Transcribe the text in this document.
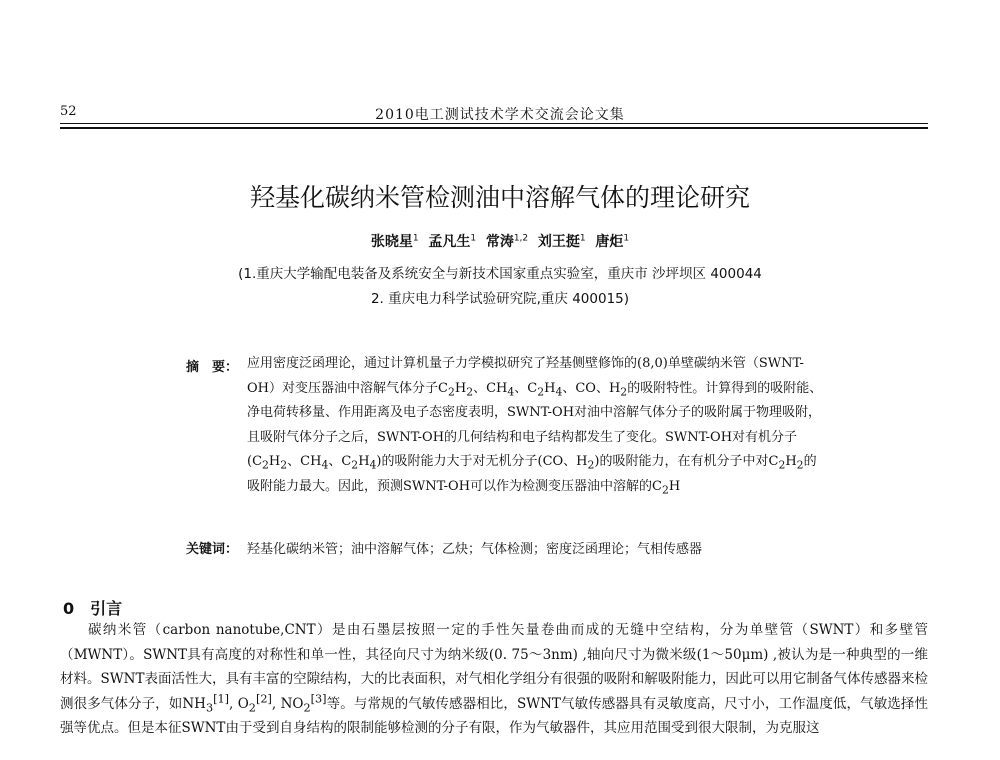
52	2010电工测试技术学术交流会论文集
羟基化碳纳米管检测油中溶解气体的理论研究
张晓星$^1$ 孟凡生$^1$ 常涛$^{1,2}$ 刘王挺$^1$ 唐炬$^1$
(1.重庆大学输配电装备及系统安全与新技术国家重点实验室，重庆市 沙坪坝区 400044
2. 重庆电力科学试验研究院,重庆 400015)
摘　要： 应用密度泛函理论，通过计算机量子力学模拟研究了羟基侧壁修饰的(8,0)单壁碳纳米管（SWNT-OH）对变压器油中溶解气体分子$C_2H_2$、$CH_4$、$C_2H_4$、CO、$H_2$的吸附特性。计算得到的吸附能、净电荷转移量、作用距离及电子态密度表明，SWNT-OH对油中溶解气体分子的吸附属于物理吸附，且吸附气体分子之后，SWNT-OH的几何结构和电子结构都发生了变化。SWNT-OH对有机分子($C_2H_2$、$CH_4$、$C_2H_4$)的吸附能力大于对无机分子(CO、$H_2$)的吸附能力，在有机分子中对$C_2H_2$的吸附能力最大。因此，预测SWNT-OH可以作为检测变压器油中溶解的$C_2H$
关键词： 羟基化碳纳米管；油中溶解气体；乙炔；气体检测；密度泛函理论；气相传感器
0　引言
碳纳米管（carbon nanotube,CNT）是由石墨层按照一定的手性矢量卷曲而成的无缝中空结构，分为单壁管（SWNT）和多壁管（MWNT）。SWNT具有高度的对称性和单一性，其径向尺寸为纳米级(0. 75～3nm) ,轴向尺寸为微米级(1～50μm) ,被认为是一种典型的一维材料。SWNT表面活性大，具有丰富的空隙结构，大的比表面积，对气相化学组分有很强的吸附和解吸附能力，因此可以用它制备气体传感器来检测很多气体分子，如$NH_3[1]$, $O_2[2]$, $NO_2[3]$等。与常规的气敏传感器相比，SWNT气敏传感器具有灵敏度高，尺寸小，工作温度低，气敏选择性强等优点。但是本征SWNT由于受到自身结构的限制能够检测的分子有限，作为气敏器件，其应用范围受到很大限制，为克服这
